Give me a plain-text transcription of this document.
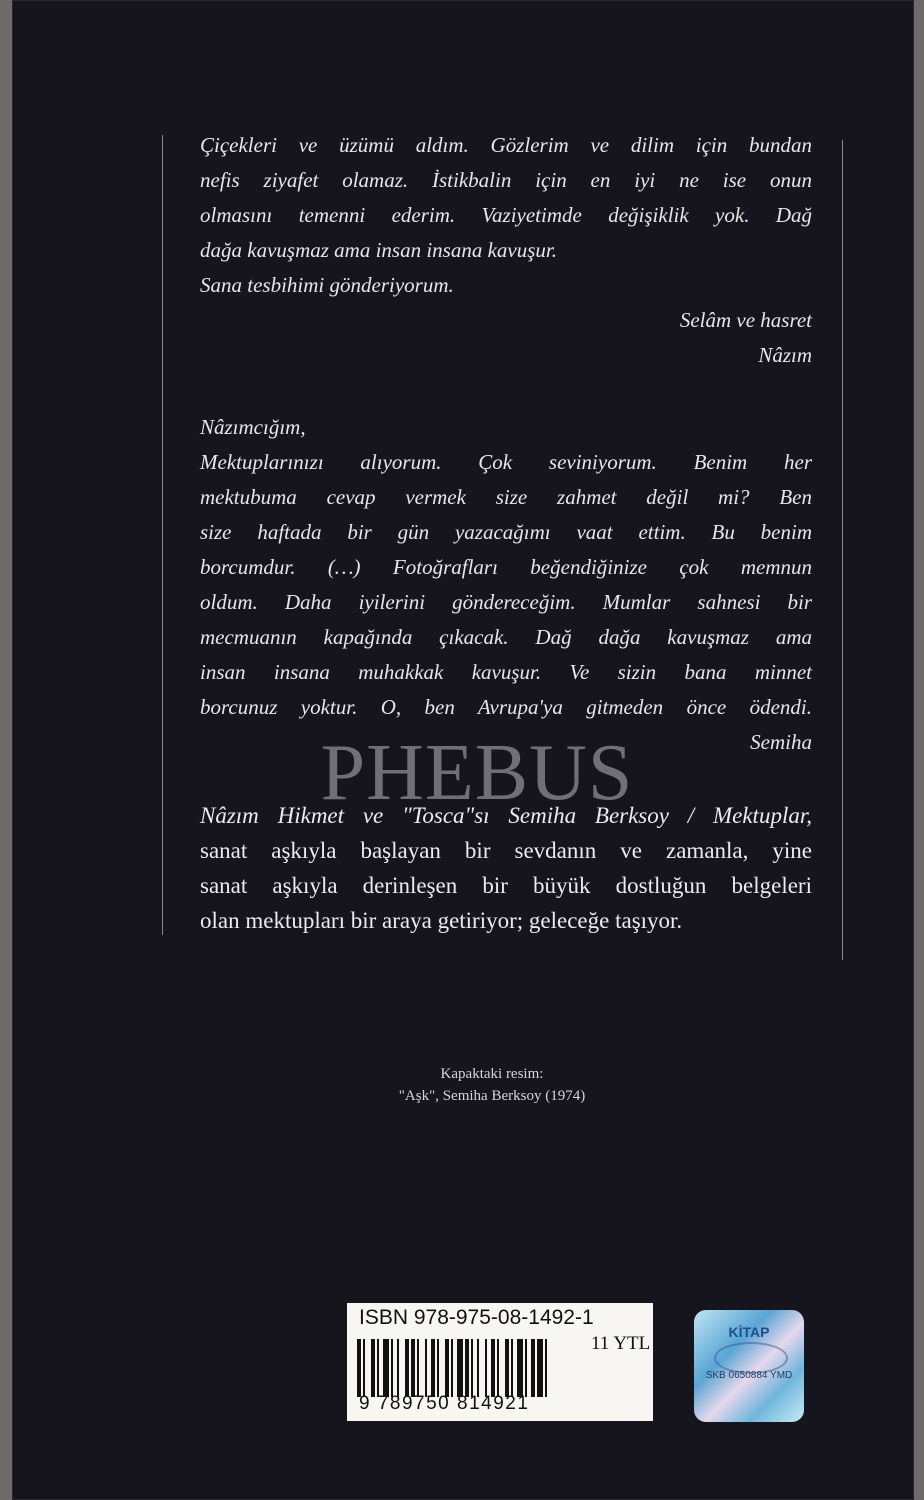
Çiçekleri ve üzümü aldım. Gözlerim ve dilim için bundan

nefis ziyafet olamaz. İstikbalin için en iyi ne ise onun

olmasını temenni ederim. Vaziyetimde değişiklik yok. Dağ

dağa kavuşmaz ama insan insana kavuşur.

Sana tesbihimi gönderiyorum.

Selâm ve hasret

Nâzım

Nâzımcığım,

Mektuplarınızı alıyorum. Çok seviniyorum. Benim her

mektubuma cevap vermek size zahmet değil mi? Ben

size haftada bir gün yazacağımı vaat ettim. Bu benim

borcumdur. (…) Fotoğrafları beğendiğinize çok memnun

oldum. Daha iyilerini göndereceğim. Mumlar sahnesi bir

mecmuanın kapağında çıkacak. Dağ dağa kavuşmaz ama

insan insana muhakkak kavuşur. Ve sizin bana minnet

borcunuz yoktur. O, ben Avrupa'ya gitmeden önce ödendi.

Semiha

PHEBUS

Nâzım Hikmet ve "Tosca"sı Semiha Berksoy / Mektuplar,

sanat aşkıyla başlayan bir sevdanın ve zamanla, yine

sanat aşkıyla derinleşen bir büyük dostluğun belgeleri

olan mektupları bir araya getiriyor; geleceğe taşıyor.

Kapaktaki resim:

"Aşk", Semiha Berksoy (1974)

ISBN 978-975-08-1492-1
11 YTL
9 789750 814921
KİTAP
SKB 0650884 YMD
